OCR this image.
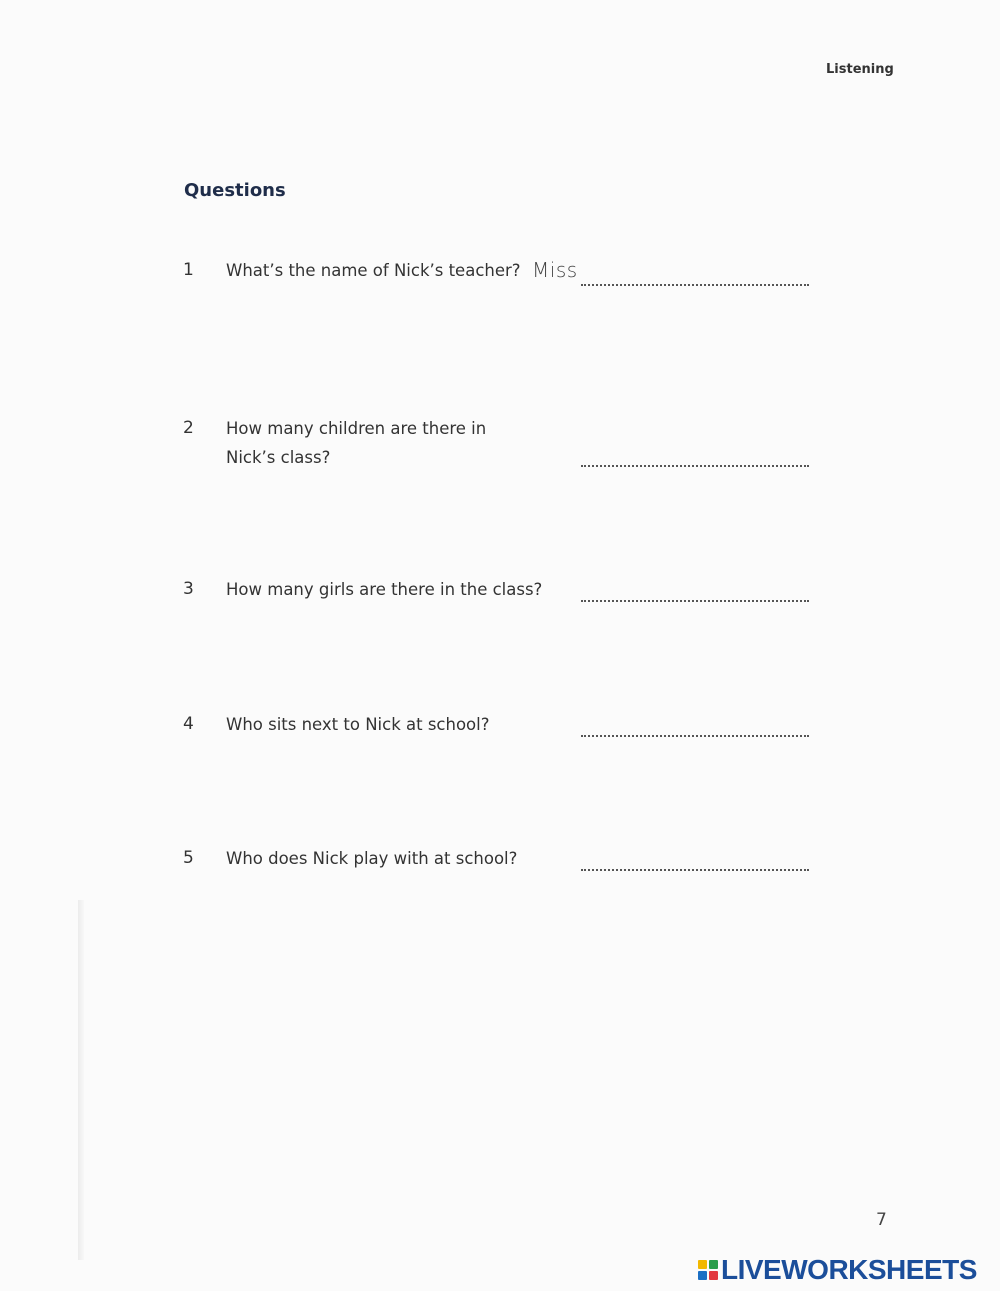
Listening
Questions
1 What’s the name of Nick’s teacher? Miss
2 How many children are there in
Nick’s class?
3 How many girls are there in the class?
4 Who sits next to Nick at school?
5 Who does Nick play with at school?
7
LIVEWORKSHEETS
